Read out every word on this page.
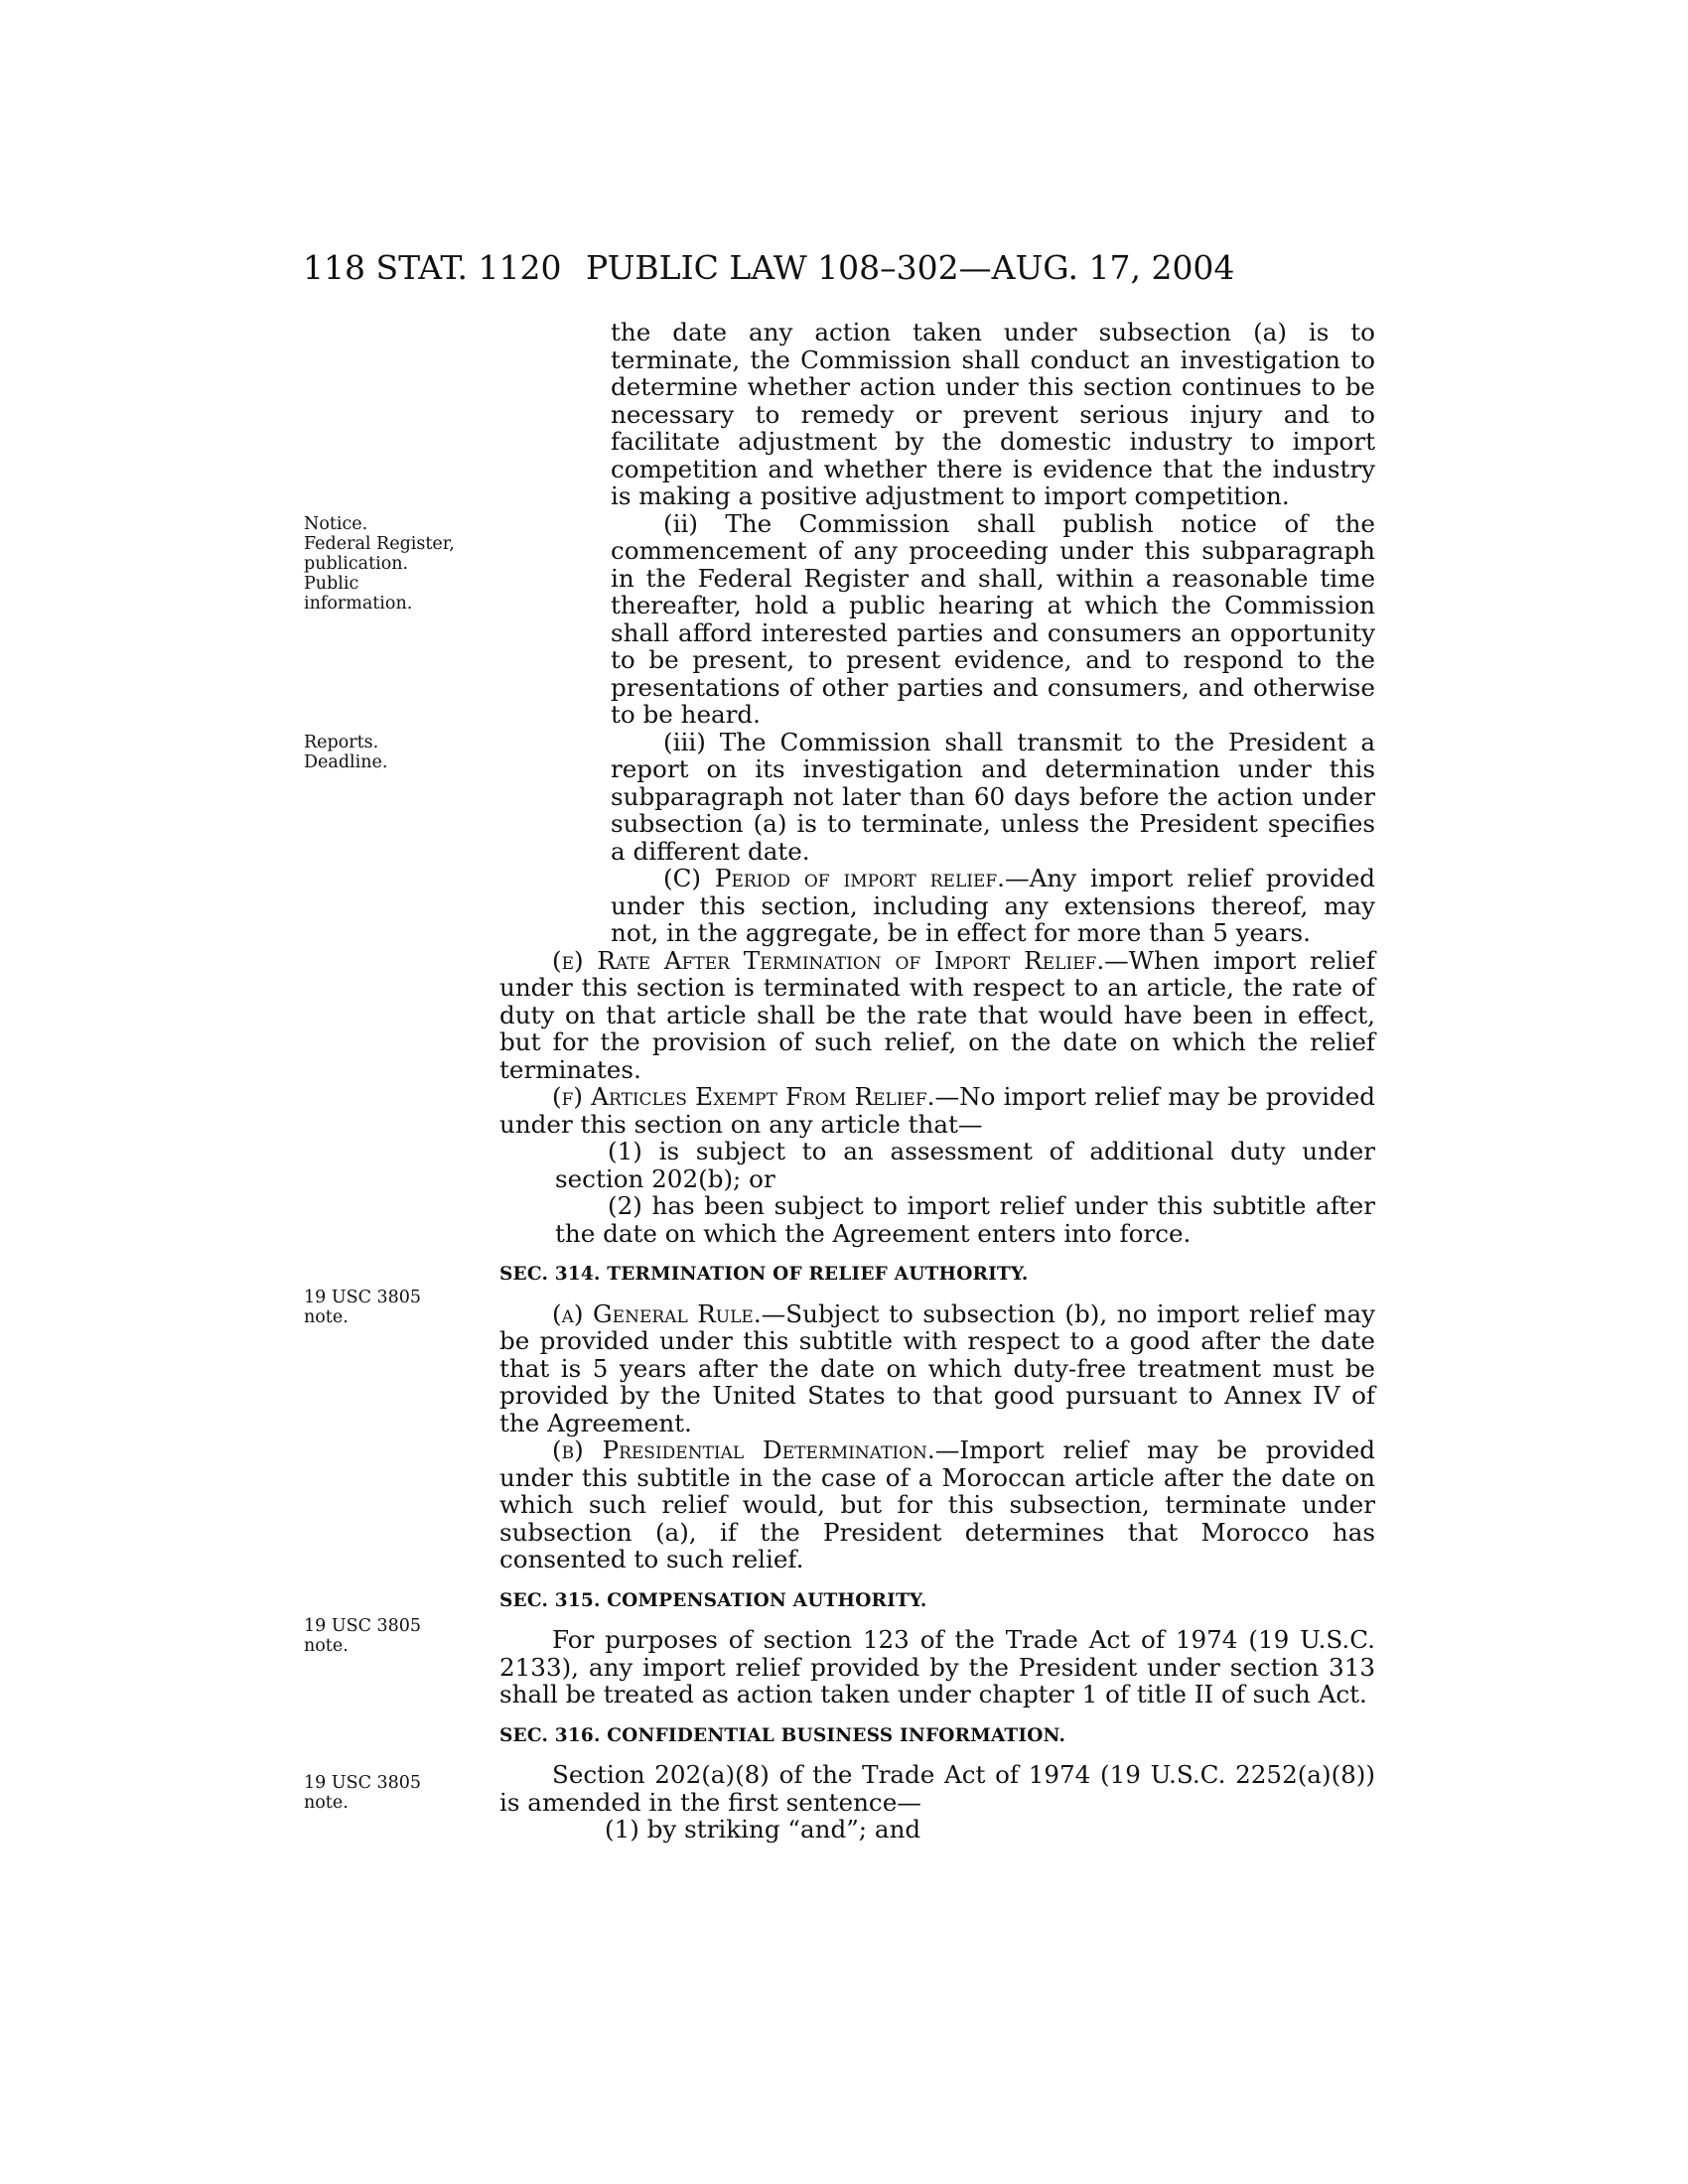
118 STAT. 1120 PUBLIC LAW 108–302—AUG. 17, 2004
Notice.
Federal Register,
publication.
Public
information.
Reports.
Deadline.
19 USC 3805
note.
19 USC 3805
note.
19 USC 3805
note.

the date any action taken under subsection (a) is to terminate, the Commission shall conduct an investigation to determine whether action under this section continues to be necessary to remedy or prevent serious injury and to facilitate adjustment by the domestic industry to import competition and whether there is evidence that the industry is making a positive adjustment to import competition.

(ii) The Commission shall publish notice of the commencement of any proceeding under this subparagraph in the Federal Register and shall, within a reasonable time thereafter, hold a public hearing at which the Commission shall afford interested parties and consumers an opportunity to be present, to present evidence, and to respond to the presentations of other parties and consumers, and otherwise to be heard.

(iii) The Commission shall transmit to the President a report on its investigation and determination under this subparagraph not later than 60 days before the action under subsection (a) is to terminate, unless the President specifies a different date.

(C) Period of import relief.—Any import relief provided under this section, including any extensions thereof, may not, in the aggregate, be in effect for more than 5 years.

(e) Rate After Termination of Import Relief.—When import relief under this section is terminated with respect to an article, the rate of duty on that article shall be the rate that would have been in effect, but for the provision of such relief, on the date on which the relief terminates.

(f) Articles Exempt From Relief.—No import relief may be provided under this section on any article that—

(1) is subject to an assessment of additional duty under section 202(b); or

(2) has been subject to import relief under this subtitle after the date on which the Agreement enters into force.

SEC. 314. TERMINATION OF RELIEF AUTHORITY.

(a) General Rule.—Subject to subsection (b), no import relief may be provided under this subtitle with respect to a good after the date that is 5 years after the date on which duty-free treatment must be provided by the United States to that good pursuant to Annex IV of the Agreement.

(b) Presidential Determination.—Import relief may be provided under this subtitle in the case of a Moroccan article after the date on which such relief would, but for this subsection, terminate under subsection (a), if the President determines that Morocco has consented to such relief.

SEC. 315. COMPENSATION AUTHORITY.

For purposes of section 123 of the Trade Act of 1974 (19 U.S.C. 2133), any import relief provided by the President under section 313 shall be treated as action taken under chapter 1 of title II of such Act.

SEC. 316. CONFIDENTIAL BUSINESS INFORMATION.

Section 202(a)(8) of the Trade Act of 1974 (19 U.S.C. 2252(a)(8)) is amended in the first sentence—

(1) by striking “and”; and
